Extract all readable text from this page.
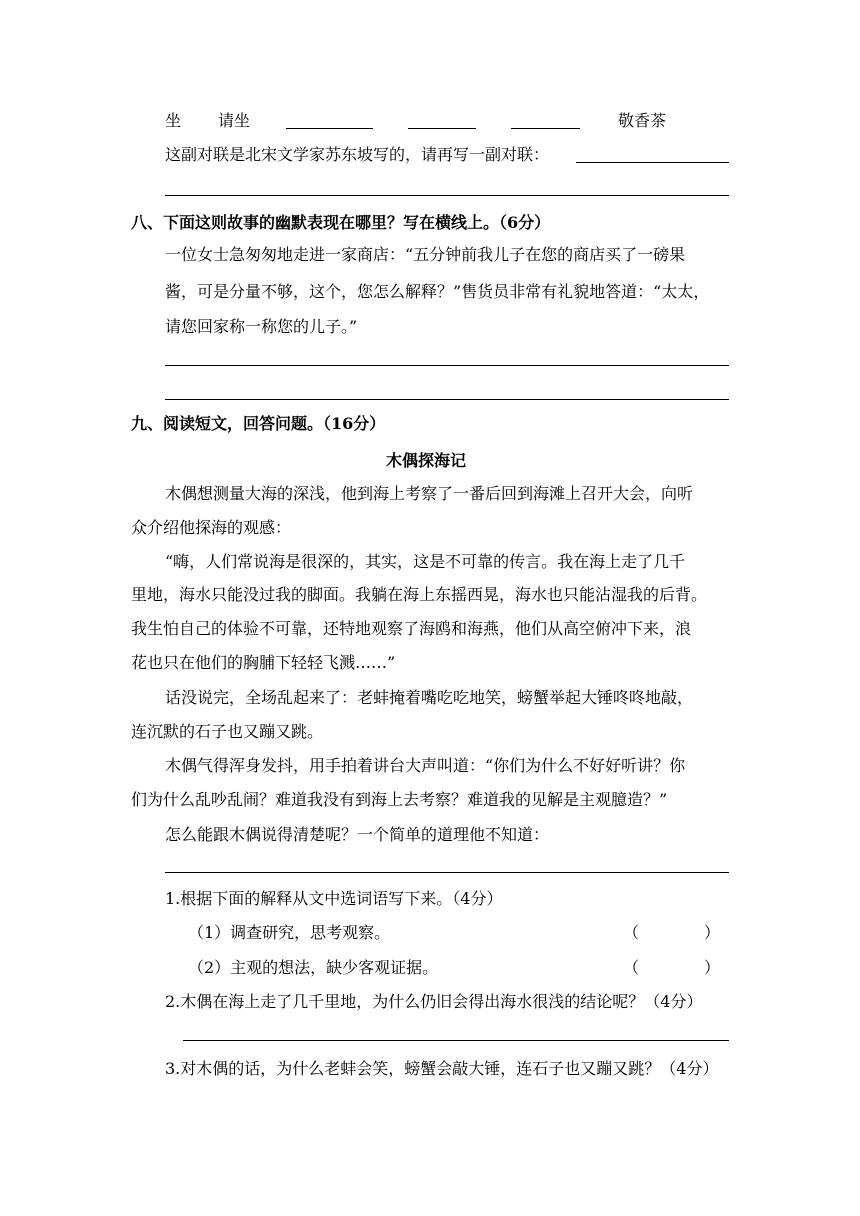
坐 请坐	敬香茶
这副对联是北宋文学家苏东坡写的，请再写一副对联：
八、下面这则故事的幽默表现在哪里？写在横线上。（6分）
一位女士急匆匆地走进一家商店：“五分钟前我儿子在您的商店买了一磅果
酱，可是分量不够，这个，您怎么解释？”售货员非常有礼貌地答道：“太太，
请您回家称一称您的儿子。”
九、阅读短文，回答问题。（16分）
木偶探海记
木偶想测量大海的深浅，他到海上考察了一番后回到海滩上召开大会，向听
众介绍他探海的观感：
“嗨，人们常说海是很深的，其实，这是不可靠的传言。我在海上走了几千
里地，海水只能没过我的脚面。我躺在海上东摇西晃，海水也只能沾湿我的后背。
我生怕自己的体验不可靠，还特地观察了海鸥和海燕，他们从高空俯冲下来，浪
花也只在他们的胸脯下轻轻飞溅……”
话没说完，全场乱起来了：老蚌掩着嘴吃吃地笑，螃蟹举起大锤咚咚地敲，
连沉默的石子也又蹦又跳。
木偶气得浑身发抖，用手拍着讲台大声叫道：“你们为什么不好好听讲？你
们为什么乱吵乱闹？难道我没有到海上去考察？难道我的见解是主观臆造？”
怎么能跟木偶说得清楚呢？一个简单的道理他不知道：
1.根据下面的解释从文中选词语写下来。（4分）
（1）调查研究，思考观察。	（	）
（2）主观的想法，缺少客观证据。	（	）
2.木偶在海上走了几千里地，为什么仍旧会得出海水很浅的结论呢？（4分）
3.对木偶的话，为什么老蚌会笑，螃蟹会敲大锤，连石子也又蹦又跳？（4分）
